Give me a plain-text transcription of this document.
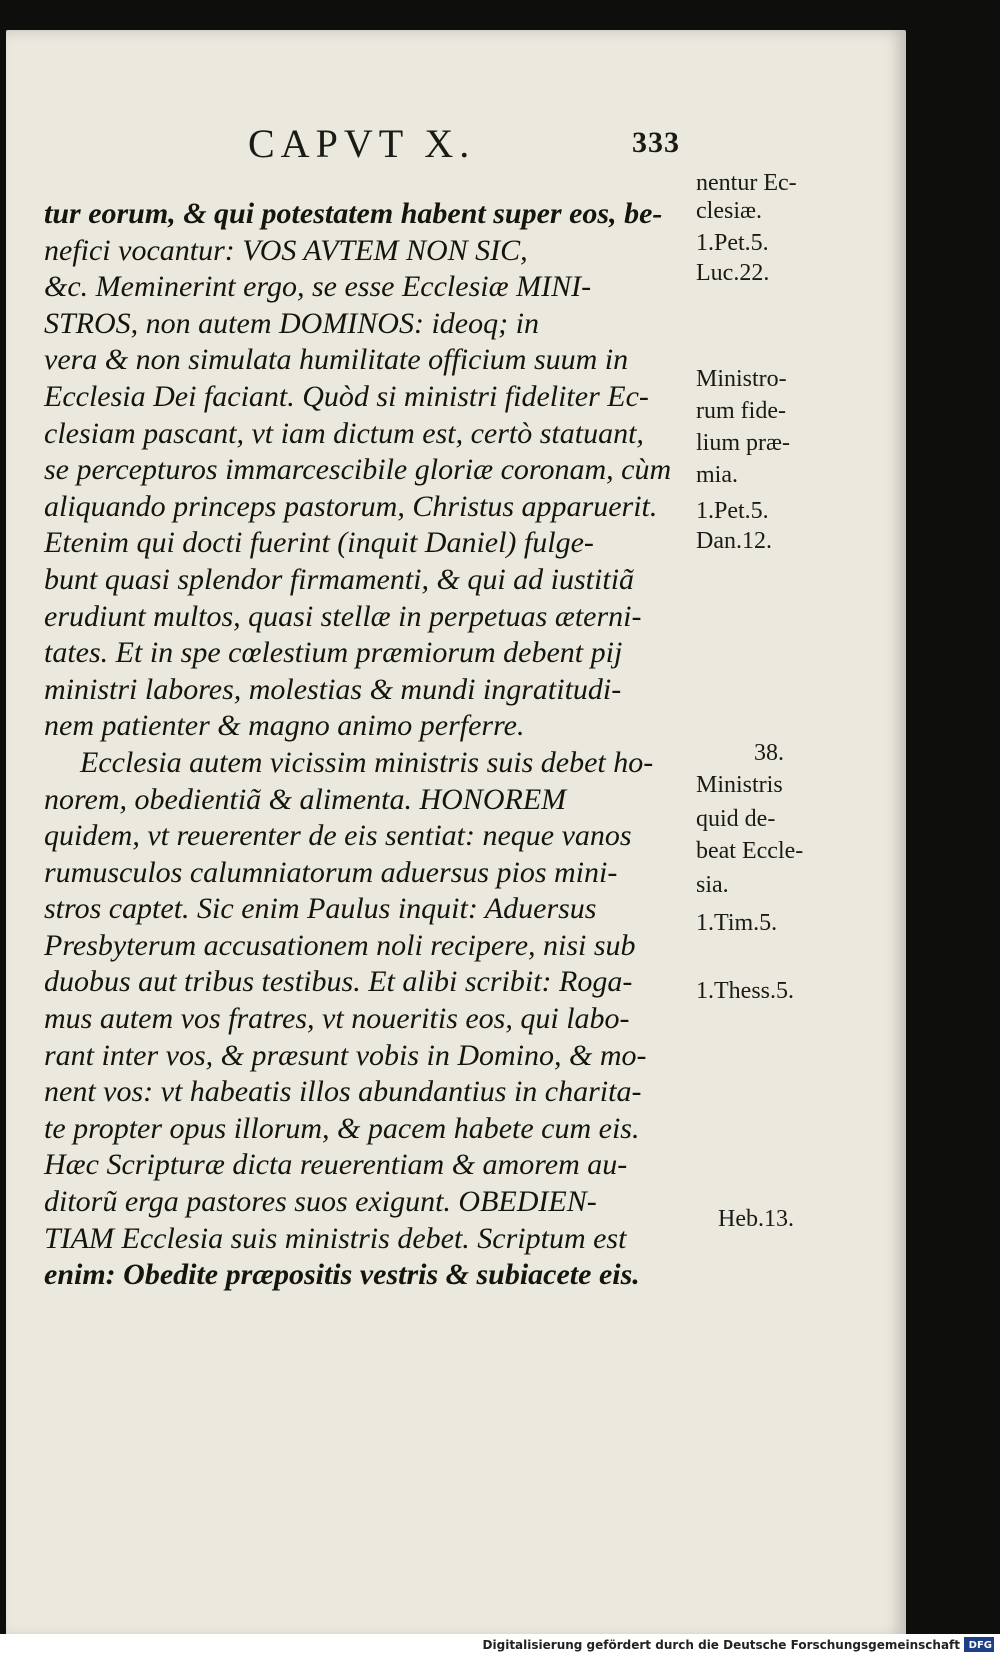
CAPVT X.	333
tur eorum, & qui potestatem habent super eos, be-
nefici vocantur: VOS AVTEM NON SIC,
&c. Meminerint ergo, se esse Ecclesiæ MINI-
STROS, non autem DOMINOS: ideoq; in
vera & non simulata humilitate officium suum in
Ecclesia Dei faciant. Quòd si ministri fideliter Ec-
clesiam pascant, vt iam dictum est, certò statuant,
se percepturos immarcescibile gloriæ coronam, cùm
aliquando princeps pastorum, Christus apparuerit.
Etenim qui docti fuerint (inquit Daniel) fulge-
bunt quasi splendor firmamenti, & qui ad iustitiã
erudiunt multos, quasi stellæ in perpetuas æterni-
tates. Et in spe cœlestium præmiorum debent pij
ministri labores, molestias & mundi ingratitudi-
nem patienter & magno animo perferre.
Ecclesia autem vicissim ministris suis debet ho-
norem, obedientiã & alimenta. HONOREM
quidem, vt reuerenter de eis sentiat: neque vanos
rumusculos calumniatorum aduersus pios mini-
stros captet. Sic enim Paulus inquit: Aduersus
Presbyterum accusationem noli recipere, nisi sub
duobus aut tribus testibus. Et alibi scribit: Roga-
mus autem vos fratres, vt noueritis eos, qui labo-
rant inter vos, & præsunt vobis in Domino, & mo-
nent vos: vt habeatis illos abundantius in charita-
te propter opus illorum, & pacem habete cum eis.
Hæc Scripturæ dicta reuerentiam & amorem au-
ditorũ erga pastores suos exigunt. OBEDIEN-
TIAM Ecclesia suis ministris debet. Scriptum est
enim: Obedite præpositis vestris & subiacete eis.
nentur Ec-
clesiæ.
1.Pet.5.
Luc.22.
Ministro-
rum fide-
lium præ-
mia.
1.Pet.5.
Dan.12.
38.
Ministris
quid de-
beat Eccle-
sia.
1.Tim.5.
1.Thess.5.
Heb.13.
Digitalisierung gefördert durch die Deutsche Forschungsgemeinschaft DFG
